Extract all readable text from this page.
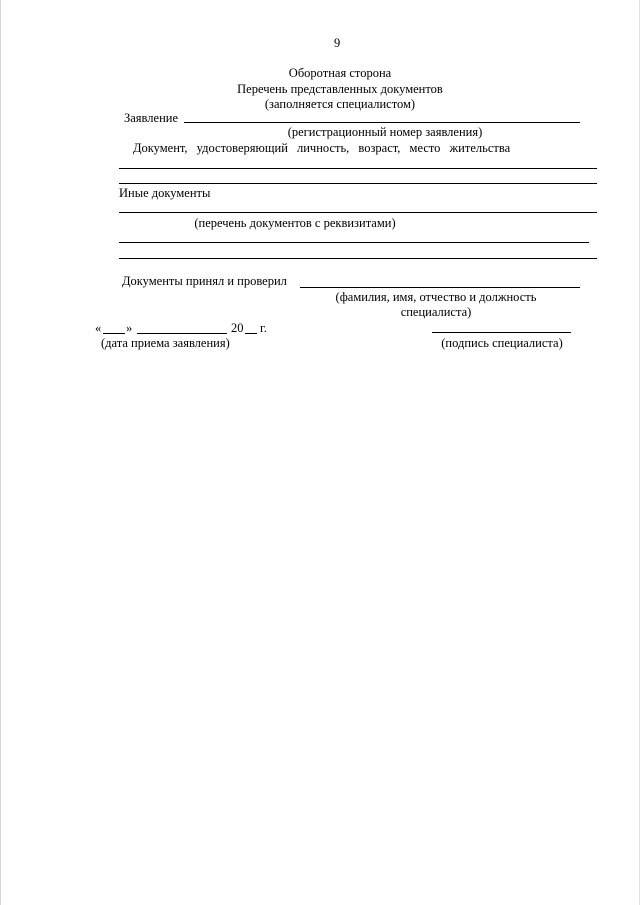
9
Оборотная сторона
Перечень представленных документов
(заполняется специалистом)
Заявление
(регистрационный номер заявления)
Документ, удостоверяющий личность, возраст, место жительства
Иные документы
(перечень документов с реквизитами)
Документы принял и проверил
(фамилия, имя, отчество и должность
специалиста)
« »	20 г.
(дата приема заявления)	(подпись специалиста)
